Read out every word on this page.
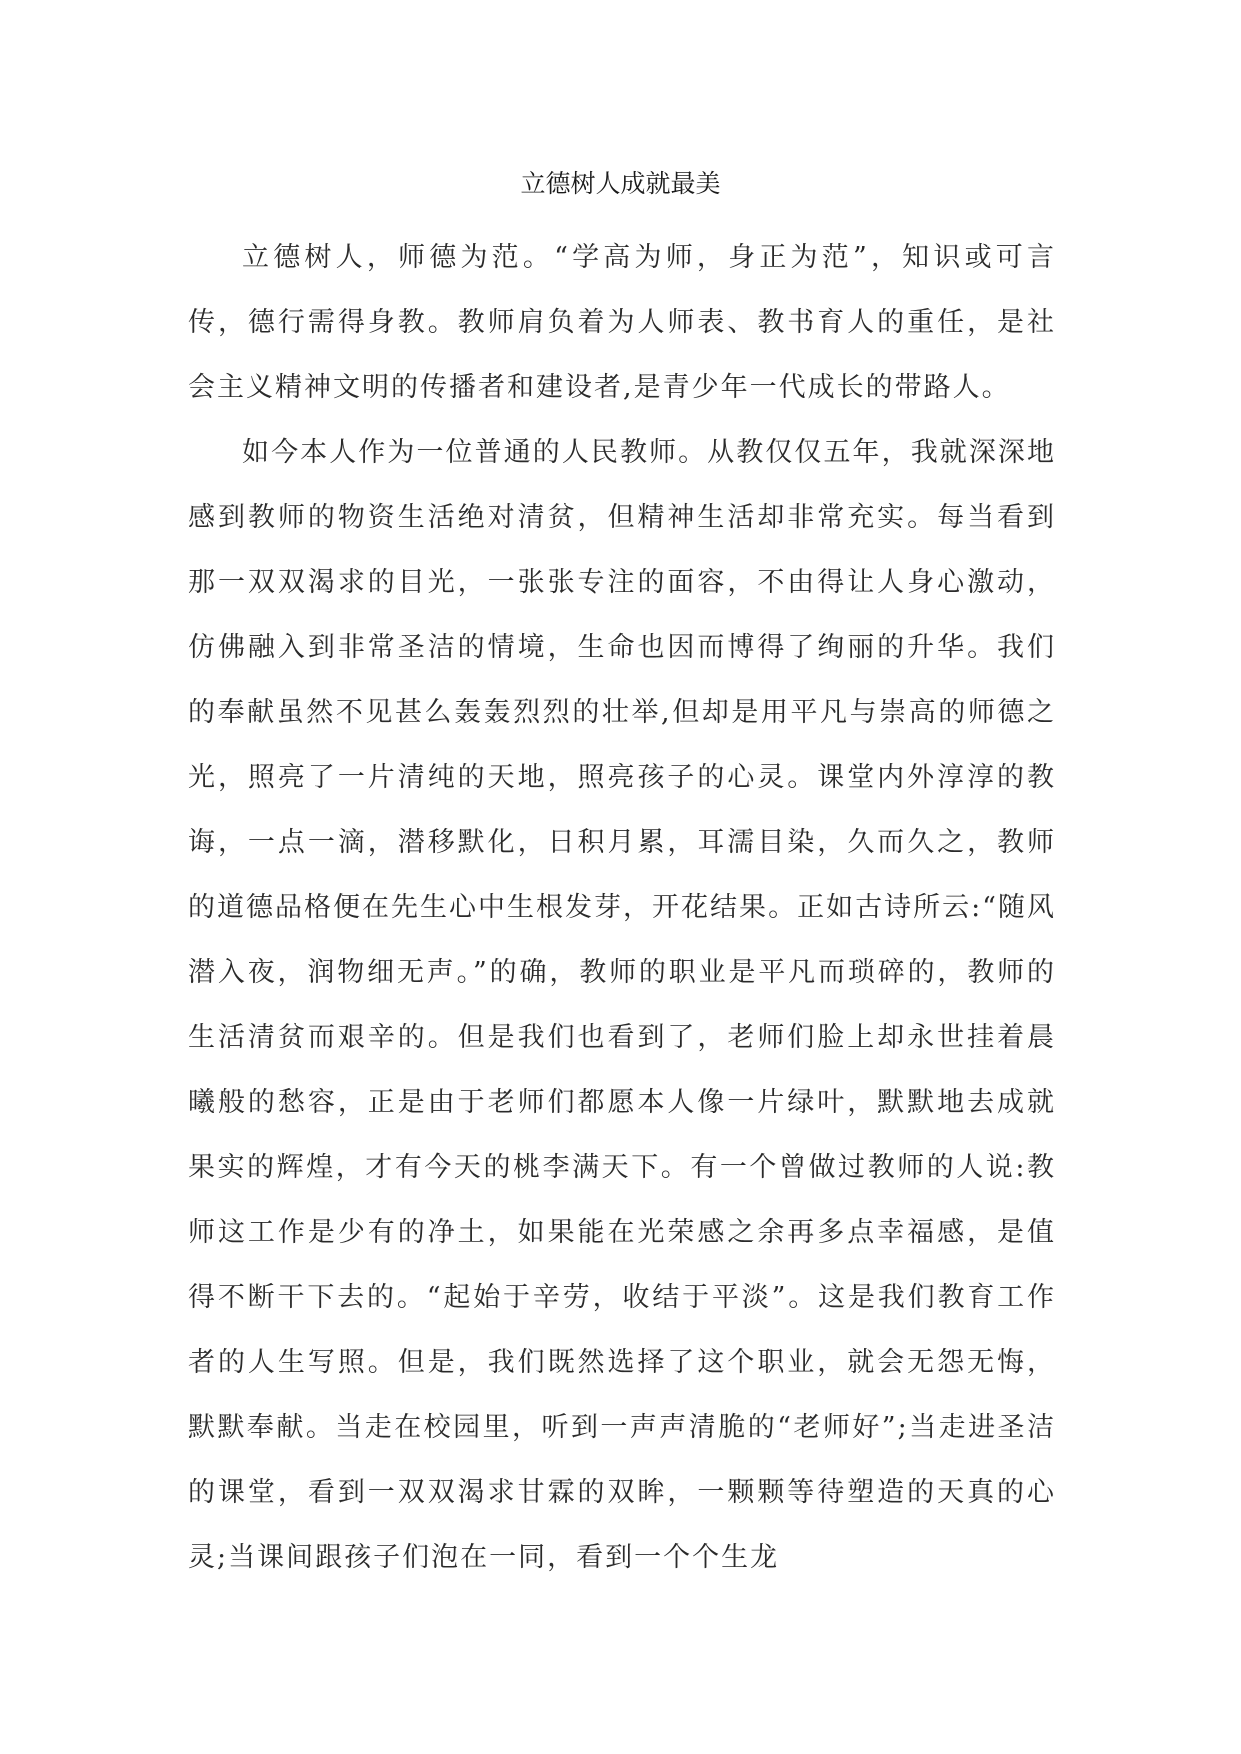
立德树人成就最美

立德树人，师德为范。“学高为师，身正为范”，知识或可言传，德行需得身教。教师肩负着为人师表、教书育人的重任，是社会主义精神文明的传播者和建设者,是青少年一代成长的带路人。

如今本人作为一位普通的人民教师。从教仅仅五年，我就深深地感到教师的物资生活绝对清贫，但精神生活却非常充实。每当看到那一双双渴求的目光，一张张专注的面容，不由得让人身心激动，仿佛融入到非常圣洁的情境，生命也因而博得了绚丽的升华。我们的奉献虽然不见甚么轰轰烈烈的壮举,但却是用平凡与崇高的师德之光，照亮了一片清纯的天地，照亮孩子的心灵。课堂内外淳淳的教诲，一点一滴，潜移默化，日积月累，耳濡目染，久而久之，教师的道德品格便在先生心中生根发芽，开花结果。正如古诗所云:“随风潜入夜，润物细无声。”的确，教师的职业是平凡而琐碎的，教师的生活清贫而艰辛的。但是我们也看到了，老师们脸上却永世挂着晨曦般的愁容，正是由于老师们都愿本人像一片绿叶，默默地去成就果实的辉煌，才有今天的桃李满天下。有一个曾做过教师的人说:教师这工作是少有的净土，如果能在光荣感之余再多点幸福感，是值得不断干下去的。“起始于辛劳，收结于平淡”。这是我们教育工作者的人生写照。但是，我们既然选择了这个职业，就会无怨无悔，默默奉献。当走在校园里，听到一声声清脆的“老师好”;当走进圣洁的课堂，看到一双双渴求甘霖的双眸，一颗颗等待塑造的天真的心灵;当课间跟孩子们泡在一同，看到一个个生龙
